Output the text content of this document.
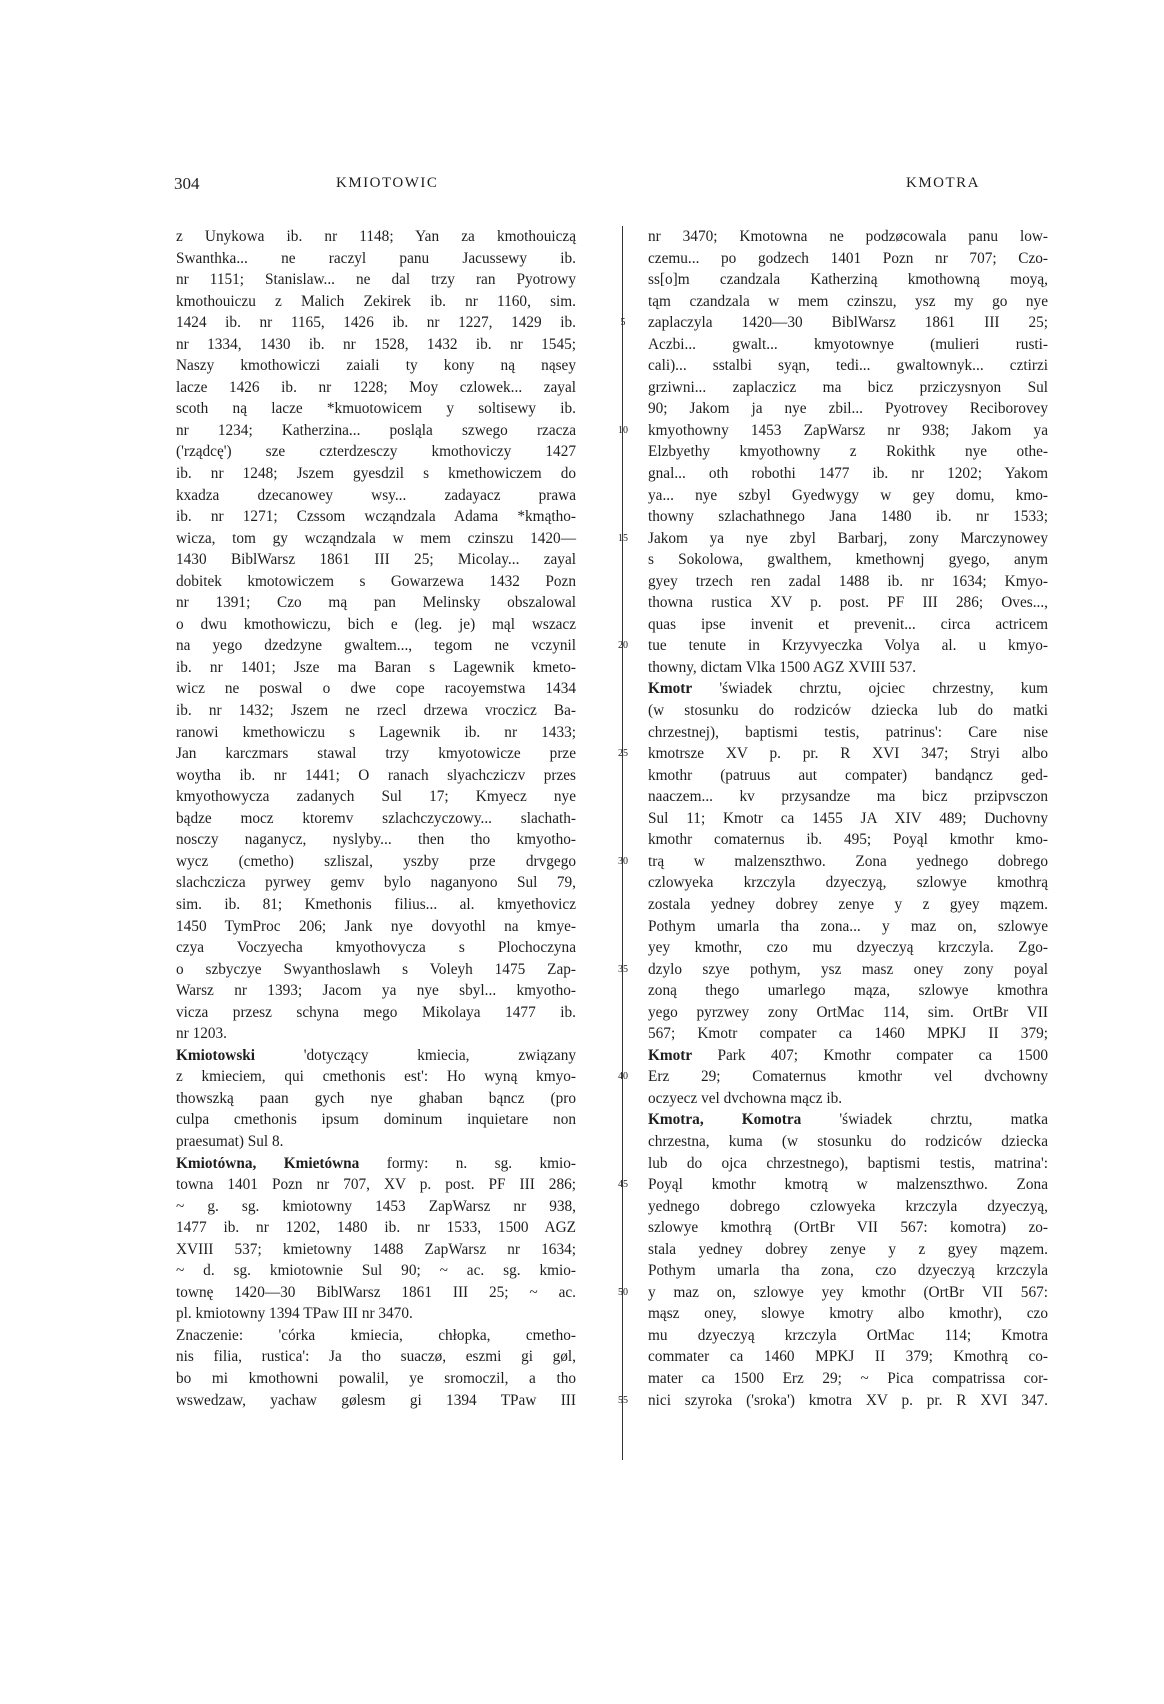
304	KMIOTOWIC	KMOTRA
z Unykowa ib. nr 1148; Yan za kmothouiczą
Swanthka... ne raczyl panu Jacussewy ib.
nr 1151; Stanislaw... ne dal trzy ran Pyotrowy
kmothouiczu z Malich Zekirek ib. nr 1160, sim.
1424 ib. nr 1165, 1426 ib. nr 1227, 1429 ib.
nr 1334, 1430 ib. nr 1528, 1432 ib. nr 1545;
Naszy kmothowiczi zaiali ty kony ną nąsey
lacze 1426 ib. nr 1228; Moy czlowek... zayal
scoth ną lacze *kmuotowicem y soltisewy ib.
nr 1234; Katherzina... posląla szwego rzacza
('rządcę') sze czterdzesczy kmothoviczy 1427
ib. nr 1248; Jszem gyesdzil s kmethowiczem do
kxadza dzecanowey wsy... zadayacz prawa
ib. nr 1271; Czssom wcząndzala Adama *kmątho-
wicza, tom gy wcząndzala w mem czinszu 1420—
1430 BiblWarsz 1861 III 25; Micolay... zayal
dobitek kmotowiczem s Gowarzewa 1432 Pozn
nr 1391; Czo mą pan Melinsky obszalowal
o dwu kmothowiczu, bich e (leg. je) mąl wszacz
na yego dzedzyne gwaltem..., tegom ne vczynil
ib. nr 1401; Jsze ma Baran s Lagewnik kmeto-
wicz ne poswal o dwe cope racoyemstwa 1434
ib. nr 1432; Jszem ne rzecl drzewa vroczicz Ba-
ranowi kmethowiczu s Lagewnik ib. nr 1433;
Jan karczmars stawal trzy kmyotowicze prze
woytha ib. nr 1441; O ranach slyachcziczv przes
kmyothowycza zadanych Sul 17; Kmyecz nye
bądze mocz ktoremv szlachczyczowy... slachath-
nosczy naganycz, nyslyby... then tho kmyotho-
wycz (cmetho) szliszal, yszby prze drvgego
slachczicza pyrwey gemv bylo naganyono Sul 79,
sim. ib. 81; Kmethonis filius... al. kmyethovicz
1450 TymProc 206; Jank nye dovyothl na kmye-
czya Voczyecha kmyothovycza s Plochoczyna
o szbyczye Swyanthoslawh s Voleyh 1475 Zap-
Warsz nr 1393; Jacom ya nye sbyl... kmyotho-
vicza przesz schyna mego Mikolaya 1477 ib.
nr 1203.
Kmiotowski 'dotyczący kmiecia, związany
z kmieciem, qui cmethonis est': Ho wyną kmyo-
thowszką paan gych nye ghaban bąncz (pro
culpa cmethonis ipsum dominum inquietare non
praesumat) Sul 8.
Kmiotówna, Kmietówna formy: n. sg. kmio-
towna 1401 Pozn nr 707, XV p. post. PF III 286;
~ g. sg. kmiotowny 1453 ZapWarsz nr 938,
1477 ib. nr 1202, 1480 ib. nr 1533, 1500 AGZ
XVIII 537; kmietowny 1488 ZapWarsz nr 1634;
~ d. sg. kmiotownie Sul 90; ~ ac. sg. kmio-
townę 1420—30 BiblWarsz 1861 III 25; ~ ac.
pl. kmiotowny 1394 TPaw III nr 3470.
Znaczenie: 'córka kmiecia, chłopka, cmetho-
nis filia, rustica': Ja tho suaczø, eszmi gi gøl,
bo mi kmothowni powalil, ye sromoczil, a tho
wswedzaw, yachaw gølesm gi 1394 TPaw III
5
10
15
20
25
30
35
40
45
50
55
nr 3470; Kmotowna ne podzøcowala panu low-
czemu... po godzech 1401 Pozn nr 707; Czo-
ss[o]m czandzala Katherziną kmothowną moyą,
tąm czandzala w mem czinszu, ysz my go nye
zaplaczyla 1420—30 BiblWarsz 1861 III 25;
Aczbi... gwalt... kmyotownye (mulieri rusti-
cali)... sstalbi syąn, tedi... gwaltownyk... cztirzi
grziwni... zaplaczicz ma bicz prziczysnyon Sul
90; Jakom ja nye zbil... Pyotrovey Reciborovey
kmyothowny 1453 ZapWarsz nr 938; Jakom ya
Elzbyethy kmyothowny z Rokithk nye othe-
gnal... oth robothi 1477 ib. nr 1202; Yakom
ya... nye szbyl Gyedwygy w gey domu, kmo-
thowny szlachathnego Jana 1480 ib. nr 1533;
Jakom ya nye zbyl Barbarj, zony Marczynowey
s Sokolowa, gwalthem, kmethownj gyego, anym
gyey trzech ren zadal 1488 ib. nr 1634; Kmyo-
thowna rustica XV p. post. PF III 286; Oves...,
quas ipse invenit et prevenit... circa actricem
tue tenute in Krzyvyeczka Volya al. u kmyo-
thowny, dictam Vlka 1500 AGZ XVIII 537.
Kmotr 'świadek chrztu, ojciec chrzestny, kum
(w stosunku do rodziców dziecka lub do matki
chrzestnej), baptismi testis, patrinus': Care nise
kmotrsze XV p. pr. R XVI 347; Stryi albo
kmothr (patruus aut compater) bandąncz ged-
naaczem... kv przysandze ma bicz przipvsczon
Sul 11; Kmotr ca 1455 JA XIV 489; Duchovny
kmothr comaternus ib. 495; Poyąl kmothr kmo-
trą w malzenszthwo. Zona yednego dobrego
czlowyeka krzczyla dzyeczyą, szlowye kmothrą
zostala yedney dobrey zenye y z gyey mązem.
Pothym umarla tha zona... y maz on, szlowye
yey kmothr, czo mu dzyeczyą krzczyla. Zgo-
dzylo szye pothym, ysz masz oney zony poyal
zoną thego umarlego mąza, szlowye kmothra
yego pyrzwey zony OrtMac 114, sim. OrtBr VII
567; Kmotr compater ca 1460 MPKJ II 379;
Kmotr Park 407; Kmothr compater ca 1500
Erz 29; Comaternus kmothr vel dvchowny
oczyecz vel dvchowna mącz ib.
Kmotra, Komotra 'świadek chrztu, matka
chrzestna, kuma (w stosunku do rodziców dziecka
lub do ojca chrzestnego), baptismi testis, matrina':
Poyąl kmothr kmotrą w malzenszthwo. Zona
yednego dobrego czlowyeka krzczyla dzyeczyą,
szlowye kmothrą (OrtBr VII 567: komotra) zo-
stala yedney dobrey zenye y z gyey mązem.
Pothym umarla tha zona, czo dzyeczyą krzczyla
y maz on, szlowye yey kmothr (OrtBr VII 567:
mąsz oney, slowye kmotry albo kmothr), czo
mu dzyeczyą krzczyla OrtMac 114; Kmotra
commater ca 1460 MPKJ II 379; Kmothrą co-
mater ca 1500 Erz 29; ~ Pica compatrissa cor-
nici szyroka ('sroka') kmotra XV p. pr. R XVI 347.
